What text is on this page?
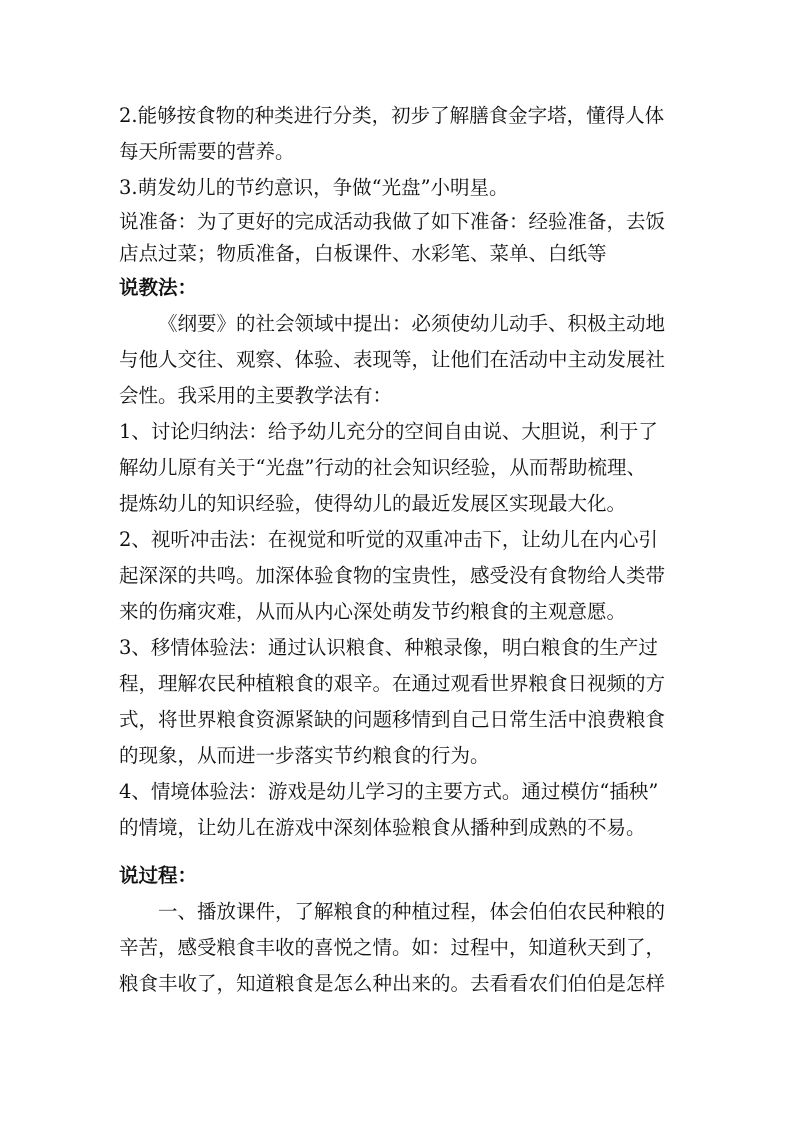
2.能够按食物的种类进行分类，初步了解膳食金字塔，懂得人体

每天所需要的营养。

3.萌发幼儿的节约意识，争做“光盘”小明星。

说准备：为了更好的完成活动我做了如下准备：经验准备，去饭

店点过菜；物质准备，白板课件、水彩笔、菜单、白纸等

说教法：

《纲要》的社会领域中提出：必须使幼儿动手、积极主动地

与他人交往、观察、体验、表现等，让他们在活动中主动发展社

会性。我采用的主要教学法有：

1、讨论归纳法：给予幼儿充分的空间自由说、大胆说，利于了

解幼儿原有关于“光盘”行动的社会知识经验，从而帮助梳理、

提炼幼儿的知识经验，使得幼儿的最近发展区实现最大化。

2、视听冲击法：在视觉和听觉的双重冲击下，让幼儿在内心引

起深深的共鸣。加深体验食物的宝贵性，感受没有食物给人类带

来的伤痛灾难，从而从内心深处萌发节约粮食的主观意愿。

3、移情体验法：通过认识粮食、种粮录像，明白粮食的生产过

程，理解农民种植粮食的艰辛。在通过观看世界粮食日视频的方

式，将世界粮食资源紧缺的问题移情到自己日常生活中浪费粮食

的现象，从而进一步落实节约粮食的行为。

4、情境体验法：游戏是幼儿学习的主要方式。通过模仿“插秧”

的情境，让幼儿在游戏中深刻体验粮食从播种到成熟的不易。

说过程：

一、播放课件，了解粮食的种植过程，体会伯伯农民种粮的

辛苦，感受粮食丰收的喜悦之情。如：过程中，知道秋天到了，

粮食丰收了，知道粮食是怎么种出来的。去看看农们伯伯是怎样
